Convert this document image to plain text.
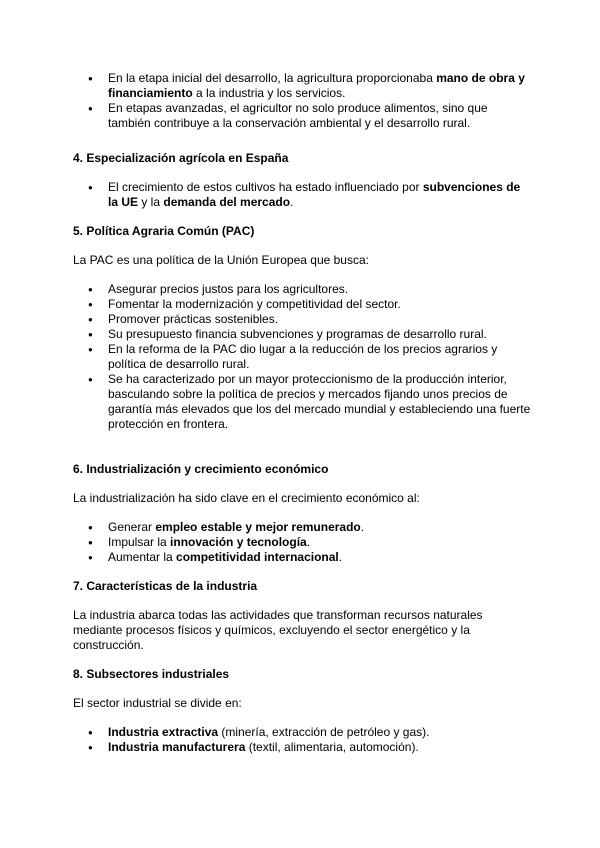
● En la etapa inicial del desarrollo, la agricultura proporcionaba mano de obra y financiamiento a la industria y los servicios.
● En etapas avanzadas, el agricultor no solo produce alimentos, sino que también contribuye a la conservación ambiental y el desarrollo rural.
4. Especialización agrícola en España
● El crecimiento de estos cultivos ha estado influenciado por subvenciones de la UE y la demanda del mercado.
5. Política Agraria Común (PAC)

La PAC es una política de la Unión Europea que busca:

● Asegurar precios justos para los agricultores.
● Fomentar la modernización y competitividad del sector.
● Promover prácticas sostenibles.
● Su presupuesto financia subvenciones y programas de desarrollo rural.
● En la reforma de la PAC dio lugar a la reducción de los precios agrarios y política de desarrollo rural.
● Se ha caracterizado por un mayor proteccionismo de la producción interior, basculando sobre la política de precios y mercados fijando unos precios de garantía más elevados que los del mercado mundial y estableciendo una fuerte protección en frontera.
6. Industrialización y crecimiento económico

La industrialización ha sido clave en el crecimiento económico al:

● Generar empleo estable y mejor remunerado.
● Impulsar la innovación y tecnología.
● Aumentar la competitividad internacional.
7. Características de la industria

La industria abarca todas las actividades que transforman recursos naturales mediante procesos físicos y químicos, excluyendo el sector energético y la construcción.

8. Subsectores industriales

El sector industrial se divide en:

● Industria extractiva (minería, extracción de petróleo y gas).
● Industria manufacturera (textil, alimentaria, automoción).
